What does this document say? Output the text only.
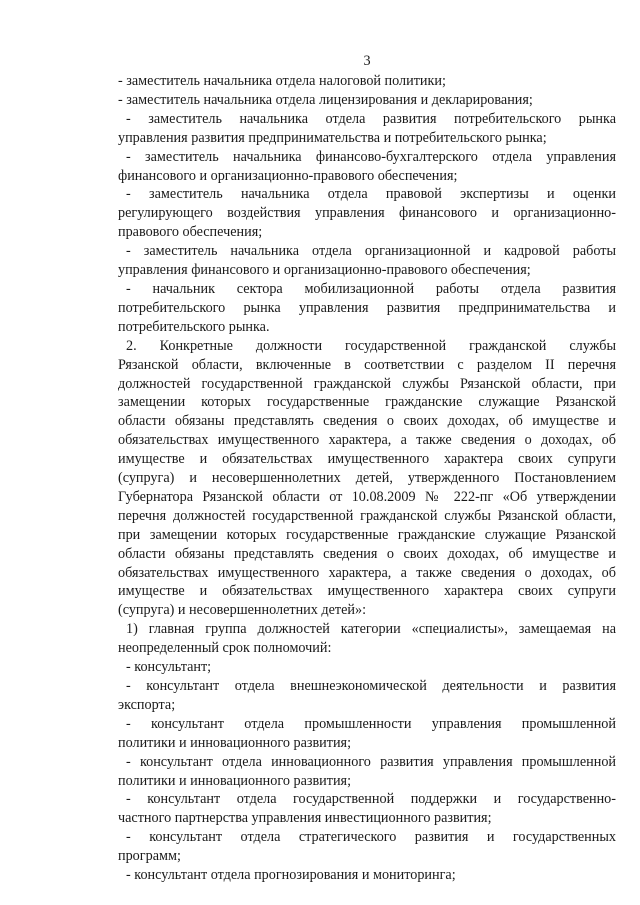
3

- заместитель начальника отдела налоговой политики;

- заместитель начальника отдела лицензирования и декларирования;

- заместитель начальника отдела развития потребительского рынка
управления развития предпринимательства и потребительского рынка;

- заместитель начальника финансово-бухгалтерского отдела управления
финансового и организационно-правового обеспечения;

- заместитель начальника отдела правовой экспертизы и оценки
регулирующего воздействия управления финансового и организационно-
правового обеспечения;

- заместитель начальника отдела организационной и кадровой работы
управления финансового и организационно-правового обеспечения;

- начальник сектора мобилизационной работы отдела развития
потребительского рынка управления развития предпринимательства и
потребительского рынка.

2. Конкретные должности государственной гражданской службы
Рязанской области, включенные в соответствии с разделом II перечня
должностей государственной гражданской службы Рязанской области, при
замещении которых государственные гражданские служащие Рязанской
области обязаны представлять сведения о своих доходах, об имуществе и
обязательствах имущественного характера, а также сведения о доходах, об
имуществе и обязательствах имущественного характера своих супруги
(супруга) и несовершеннолетних детей, утвержденного Постановлением
Губернатора Рязанской области от 10.08.2009 № 222-пг «Об утверждении
перечня должностей государственной гражданской службы Рязанской области,
при замещении которых государственные гражданские служащие Рязанской
области обязаны представлять сведения о своих доходах, об имуществе и
обязательствах имущественного характера, а также сведения о доходах, об
имуществе и обязательствах имущественного характера своих супруги
(супруга) и несовершеннолетних детей»:

1) главная группа должностей категории «специалисты», замещаемая на
неопределенный срок полномочий:

- консультант;

- консультант отдела внешнеэкономической деятельности и развития
экспорта;

- консультант отдела промышленности управления промышленной
политики и инновационного развития;

- консультант отдела инновационного развития управления промышленной
политики и инновационного развития;

- консультант отдела государственной поддержки и государственно-
частного партнерства управления инвестиционного развития;

- консультант отдела стратегического развития и государственных
программ;

- консультант отдела прогнозирования и мониторинга;
